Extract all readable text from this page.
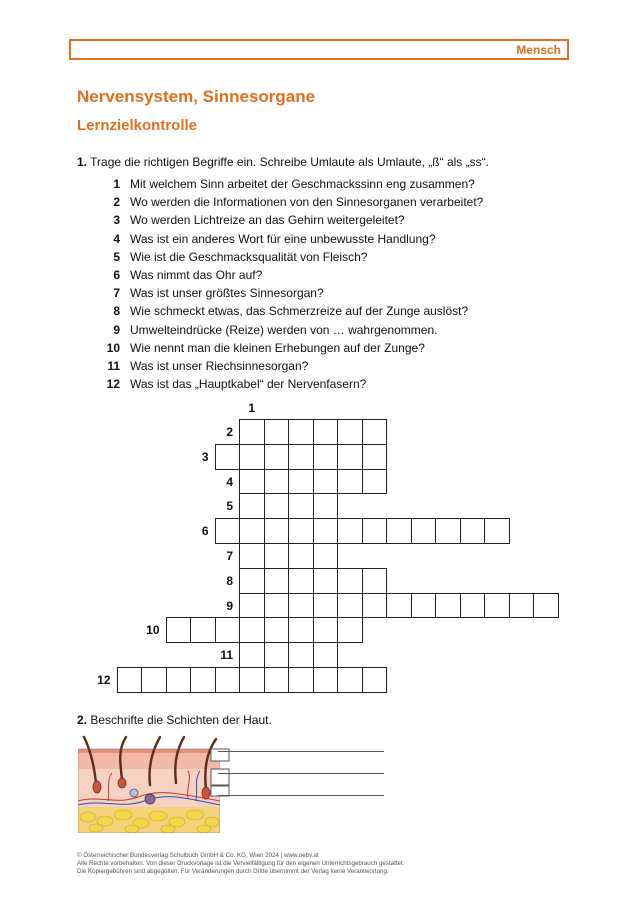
Mensch
Nervensystem, Sinnesorgane
Lernzielkontrolle
1. Trage die richtigen Begriffe ein. Schreibe Umlaute als Umlaute, „ß“ als „ss“.
1 Mit welchem Sinn arbeitet der Geschmackssinn eng zusammen?
2 Wo werden die Informationen von den Sinnesorganen verarbeitet?
3 Wo werden Lichtreize an das Gehirn weitergeleitet?
4 Was ist ein anderes Wort für eine unbewusste Handlung?
5 Wie ist die Geschmacksqualität von Fleisch?
6 Was nimmt das Ohr auf?
7 Was ist unser größtes Sinnesorgan?
8 Wie schmeckt etwas, das Schmerzreize auf der Zunge auslöst?
9 Umwelteindrücke (Reize) werden von … wahrgenommen.
10 Wie nennt man die kleinen Erhebungen auf der Zunge?
11 Was ist unser Riechsinnesorgan?
12 Was ist das „Hauptkabel“ der Nervenfasern?
1
2
3
4
5
6
7
8
9
10
11
12
2. Beschrifte die Schichten der Haut.
© Österreichischer Bundesverlag Schulbuch GmbH & Co. KG, Wien 2024 | www.oebv.at
Alle Rechte vorbehalten. Von dieser Druckvorlage ist die Vervielfältigung für den eigenen Unterrichtsgebrauch gestattet.
Die Kopiergebühren sind abgegolten. Für Veränderungen durch Dritte übernimmt der Verlag keine Verantwortung.
